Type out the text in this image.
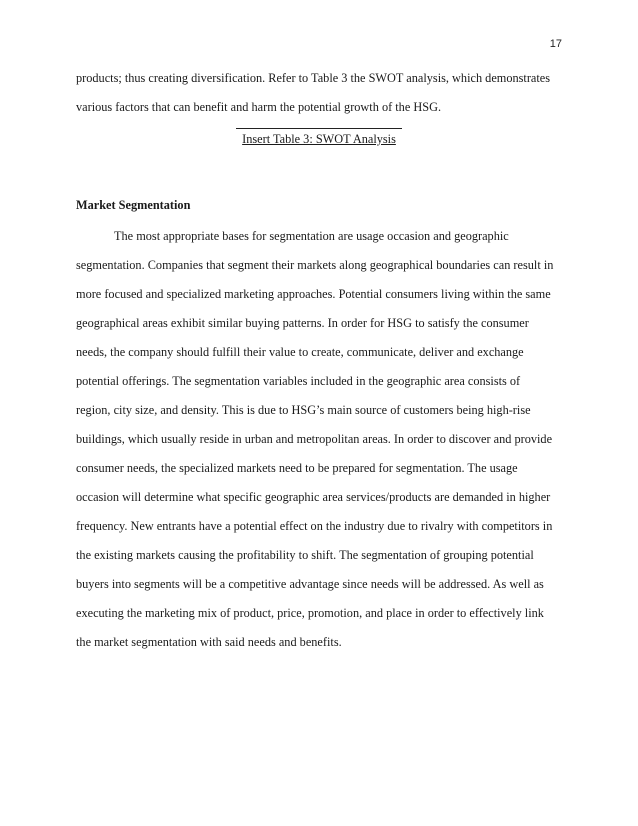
17
products; thus creating diversification. Refer to Table 3 the SWOT analysis, which demonstrates
various factors that can benefit and harm the potential growth of the HSG.
Insert Table 3: SWOT Analysis
Market Segmentation
The most appropriate bases for segmentation are usage occasion and geographic
segmentation. Companies that segment their markets along geographical boundaries can result in
more focused and specialized marketing approaches. Potential consumers living within the same
geographical areas exhibit similar buying patterns. In order for HSG to satisfy the consumer
needs, the company should fulfill their value to create, communicate, deliver and exchange
potential offerings. The segmentation variables included in the geographic area consists of
region, city size, and density. This is due to HSG’s main source of customers being high-rise
buildings, which usually reside in urban and metropolitan areas. In order to discover and provide
consumer needs, the specialized markets need to be prepared for segmentation. The usage
occasion will determine what specific geographic area services/products are demanded in higher
frequency. New entrants have a potential effect on the industry due to rivalry with competitors in
the existing markets causing the profitability to shift. The segmentation of grouping potential
buyers into segments will be a competitive advantage since needs will be addressed. As well as
executing the marketing mix of product, price, promotion, and place in order to effectively link
the market segmentation with said needs and benefits.
